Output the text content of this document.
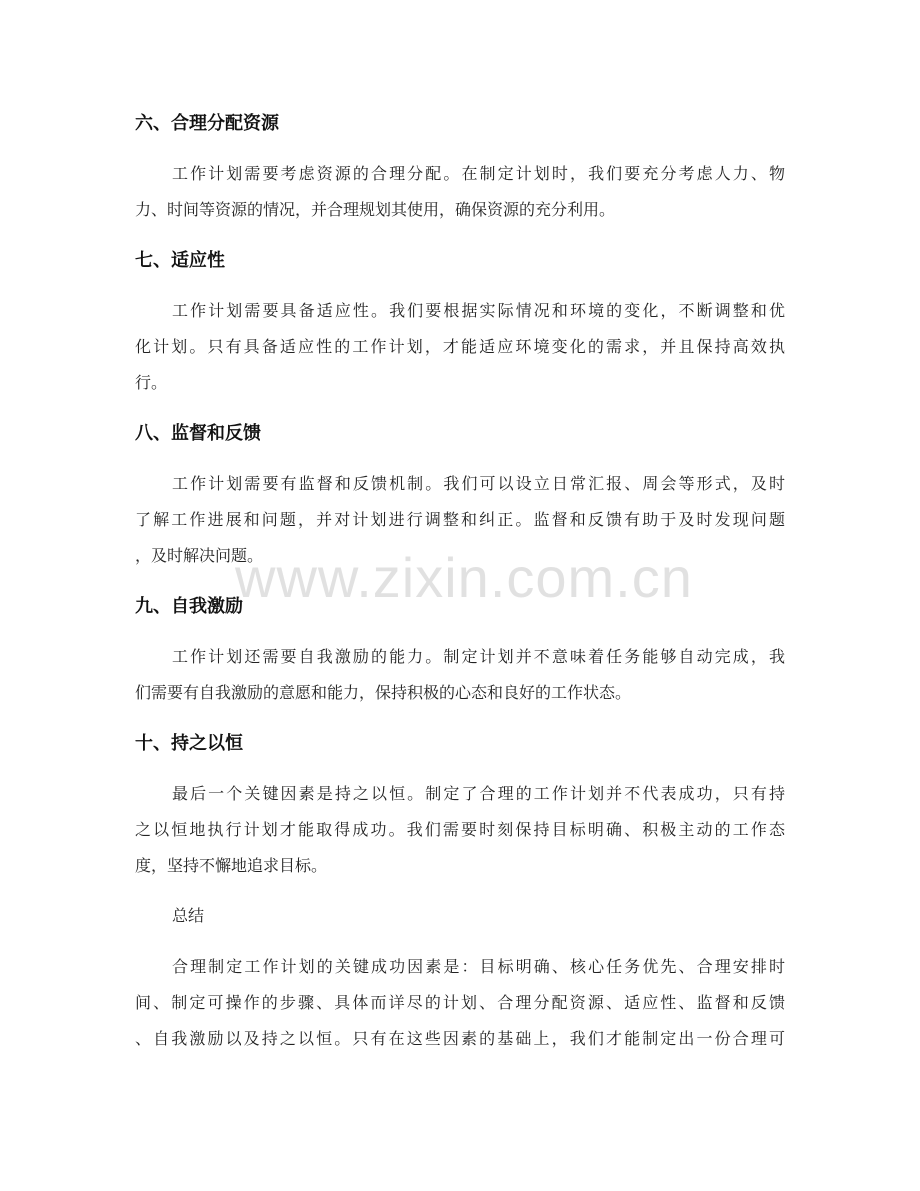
六、合理分配资源
工作计划需要考虑资源的合理分配。在制定计划时，我们要充分考虑人力、物
力、时间等资源的情况，并合理规划其使用，确保资源的充分利用。
七、适应性
工作计划需要具备适应性。我们要根据实际情况和环境的变化，不断调整和优
化计划。只有具备适应性的工作计划，才能适应环境变化的需求，并且保持高效执
行。
八、监督和反馈
工作计划需要有监督和反馈机制。我们可以设立日常汇报、周会等形式，及时
了解工作进展和问题，并对计划进行调整和纠正。监督和反馈有助于及时发现问题
，及时解决问题。
九、自我激励
工作计划还需要自我激励的能力。制定计划并不意味着任务能够自动完成，我
们需要有自我激励的意愿和能力，保持积极的心态和良好的工作状态。
十、持之以恒
最后一个关键因素是持之以恒。制定了合理的工作计划并不代表成功，只有持
之以恒地执行计划才能取得成功。我们需要时刻保持目标明确、积极主动的工作态
度，坚持不懈地追求目标。
总结
合理制定工作计划的关键成功因素是：目标明确、核心任务优先、合理安排时
间、制定可操作的步骤、具体而详尽的计划、合理分配资源、适应性、监督和反馈
、自我激励以及持之以恒。只有在这些因素的基础上，我们才能制定出一份合理可
www.zixin.com.cn
